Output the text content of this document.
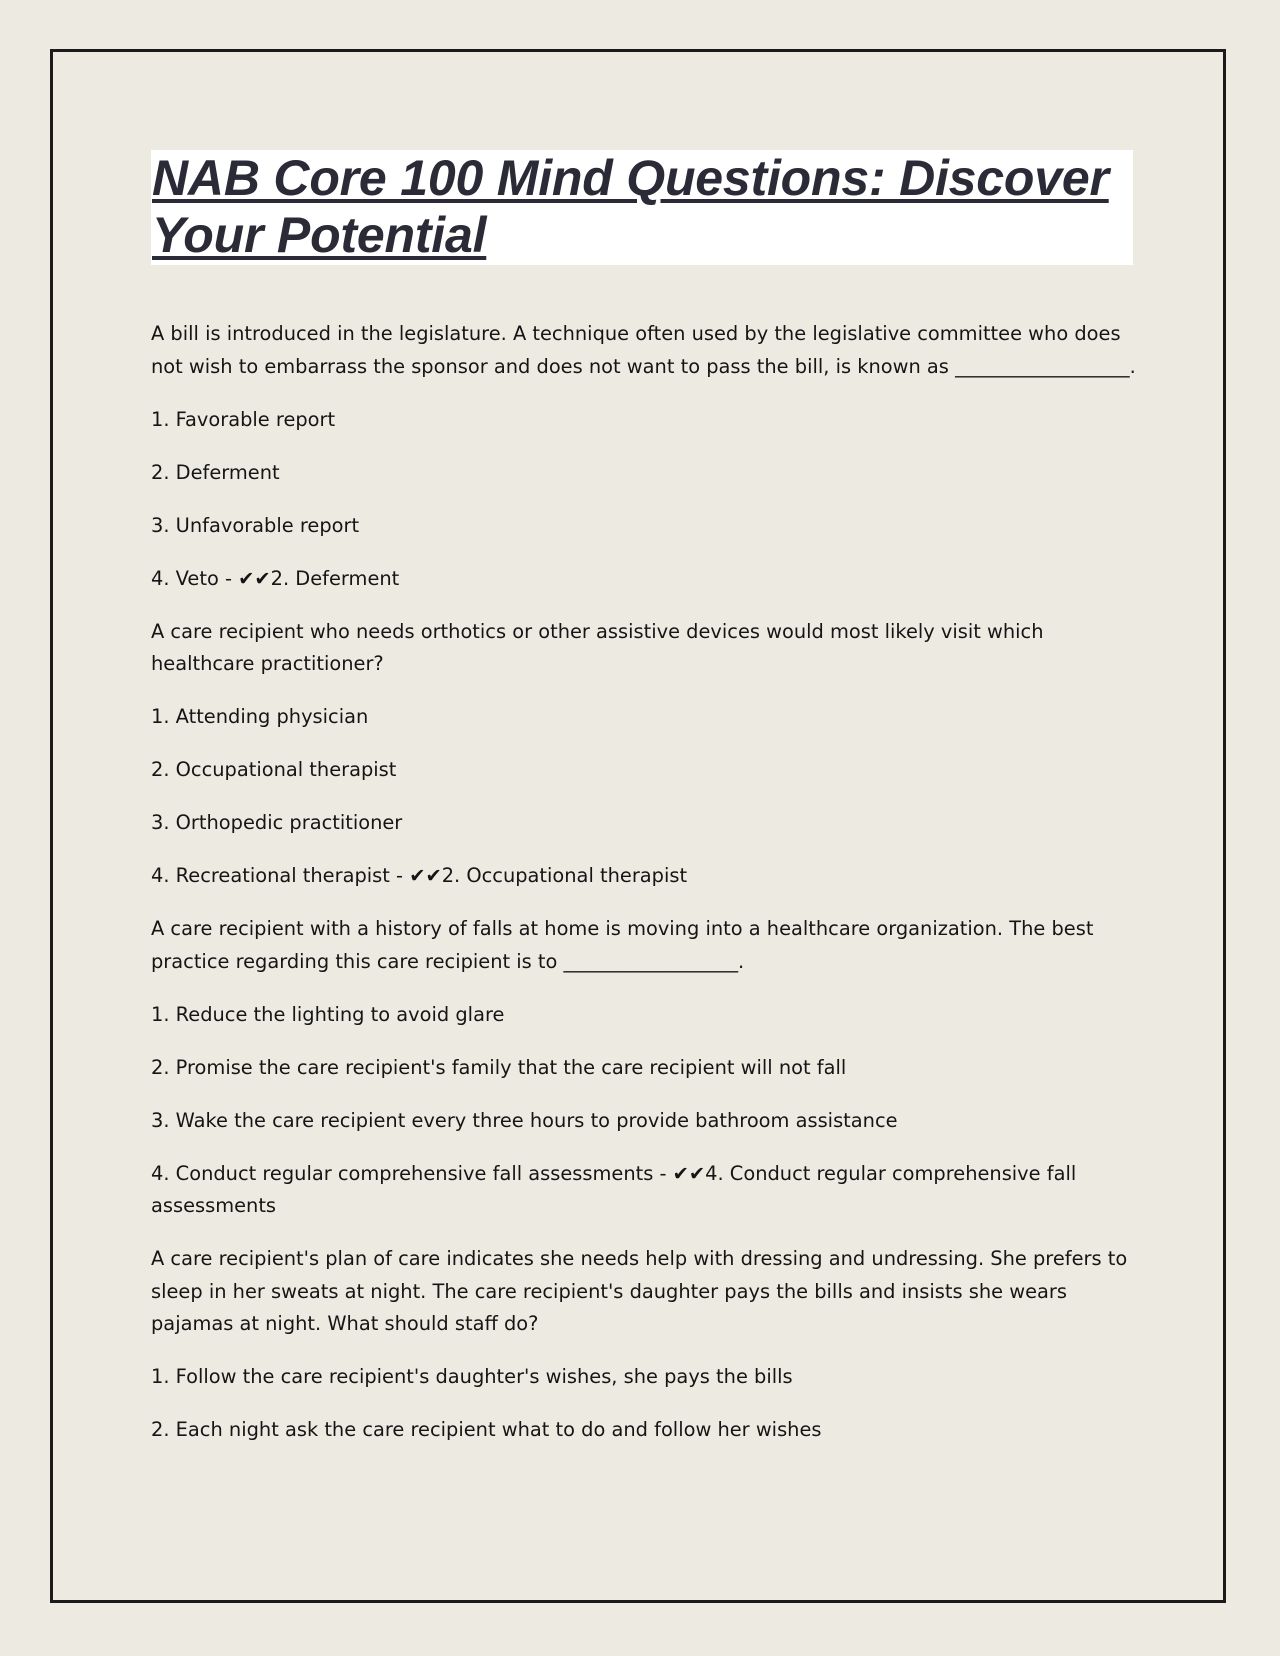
NAB Core 100 Mind Questions: Discover Your Potential

A bill is introduced in the legislature. A technique often used by the legislative committee who does not wish to embarrass the sponsor and does not want to pass the bill, is known as __________________.

1. Favorable report

2. Deferment

3. Unfavorable report

4. Veto - ✔✔2. Deferment

A care recipient who needs orthotics or other assistive devices would most likely visit which healthcare practitioner?

1. Attending physician

2. Occupational therapist

3. Orthopedic practitioner

4. Recreational therapist - ✔✔2. Occupational therapist

A care recipient with a history of falls at home is moving into a healthcare organization. The best practice regarding this care recipient is to __________________.

1. Reduce the lighting to avoid glare

2. Promise the care recipient's family that the care recipient will not fall

3. Wake the care recipient every three hours to provide bathroom assistance

4. Conduct regular comprehensive fall assessments - ✔✔4. Conduct regular comprehensive fall assessments

A care recipient's plan of care indicates she needs help with dressing and undressing. She prefers to sleep in her sweats at night. The care recipient's daughter pays the bills and insists she wears pajamas at night. What should staff do?

1. Follow the care recipient's daughter's wishes, she pays the bills

2. Each night ask the care recipient what to do and follow her wishes
